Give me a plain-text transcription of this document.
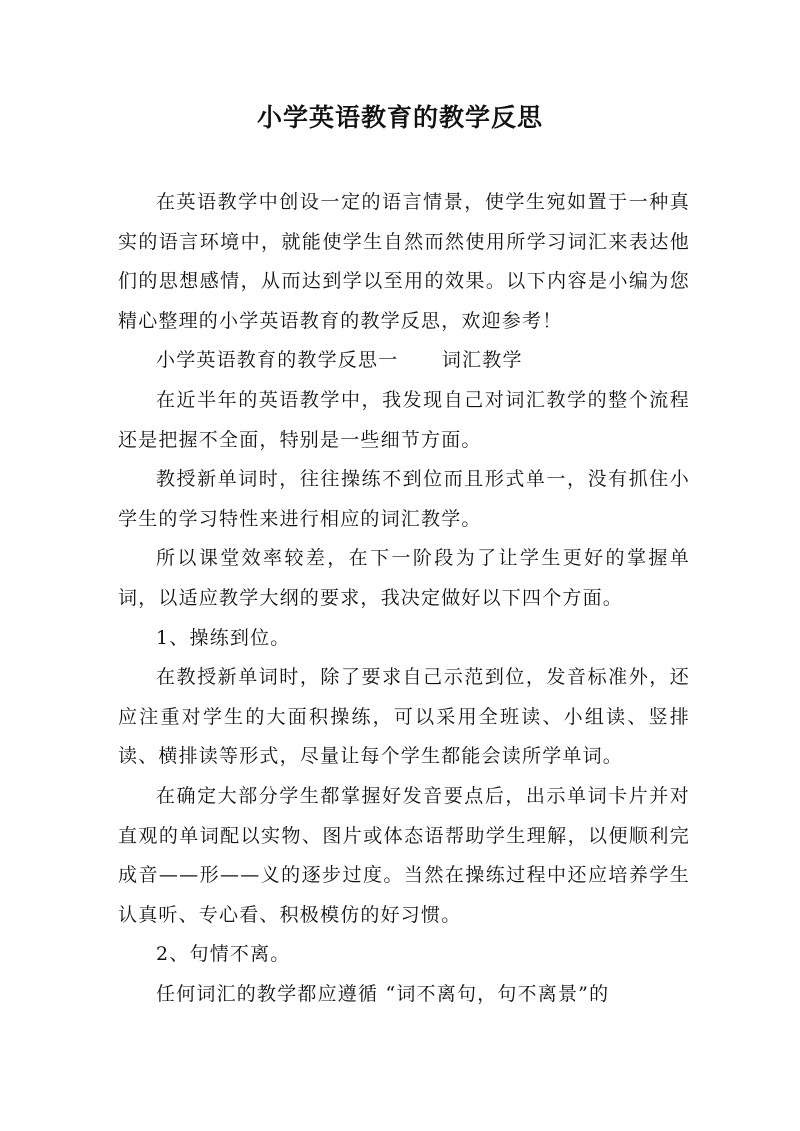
小学英语教育的教学反思

在英语教学中创设一定的语言情景，使学生宛如置于一种真实的语言环境中，就能使学生自然而然使用所学习词汇来表达他们的思想感情，从而达到学以至用的效果。以下内容是小编为您精心整理的小学英语教育的教学反思，欢迎参考！

小学英语教育的教学反思一      词汇教学

在近半年的英语教学中，我发现自己对词汇教学的整个流程还是把握不全面，特别是一些细节方面。

教授新单词时，往往操练不到位而且形式单一，没有抓住小学生的学习特性来进行相应的词汇教学。

所以课堂效率较差，在下一阶段为了让学生更好的掌握单词，以适应教学大纲的要求，我决定做好以下四个方面。

1、操练到位。

在教授新单词时，除了要求自己示范到位，发音标准外，还应注重对学生的大面积操练，可以采用全班读、小组读、竖排读、横排读等形式，尽量让每个学生都能会读所学单词。

在确定大部分学生都掌握好发音要点后，出示单词卡片并对直观的单词配以实物、图片或体态语帮助学生理解，以便顺利完成音——形——义的逐步过度。当然在操练过程中还应培养学生认真听、专心看、积极模仿的好习惯。

2、句情不离。

任何词汇的教学都应遵循 “词不离句，句不离景”的
